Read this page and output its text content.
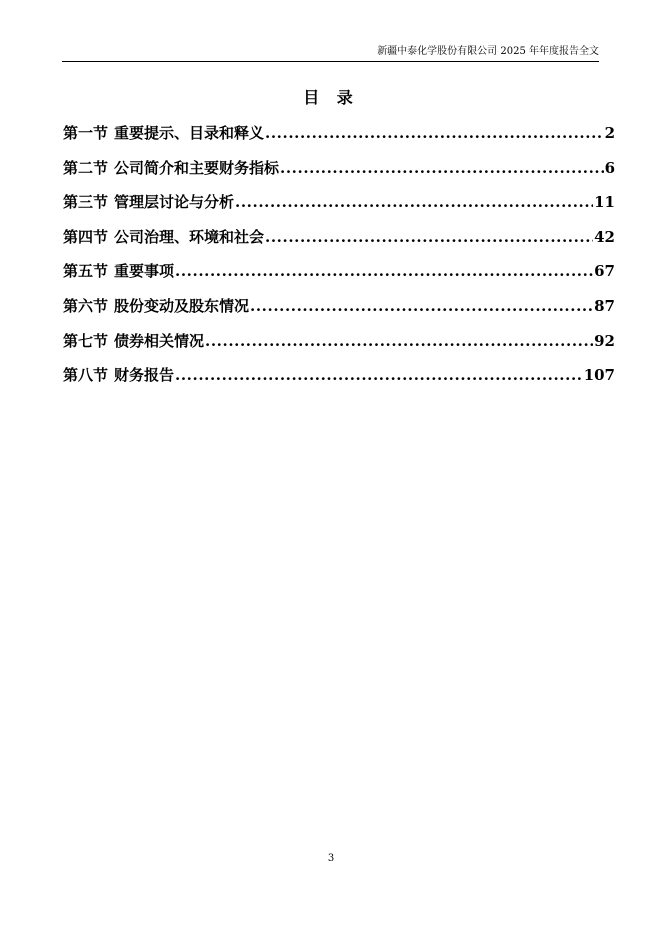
新疆中泰化学股份有限公司 2025 年年度报告全文
目 录
第一节 重要提示、目录和释义 .....	2
第二节 公司简介和主要财务指标 .....	6
第三节 管理层讨论与分析 .....	11
第四节 公司治理、环境和社会 .....	42
第五节 重要事项 .....	67
第六节 股份变动及股东情况 .....	87
第七节 债券相关情况 .....	92
第八节 财务报告 .....	107
3
